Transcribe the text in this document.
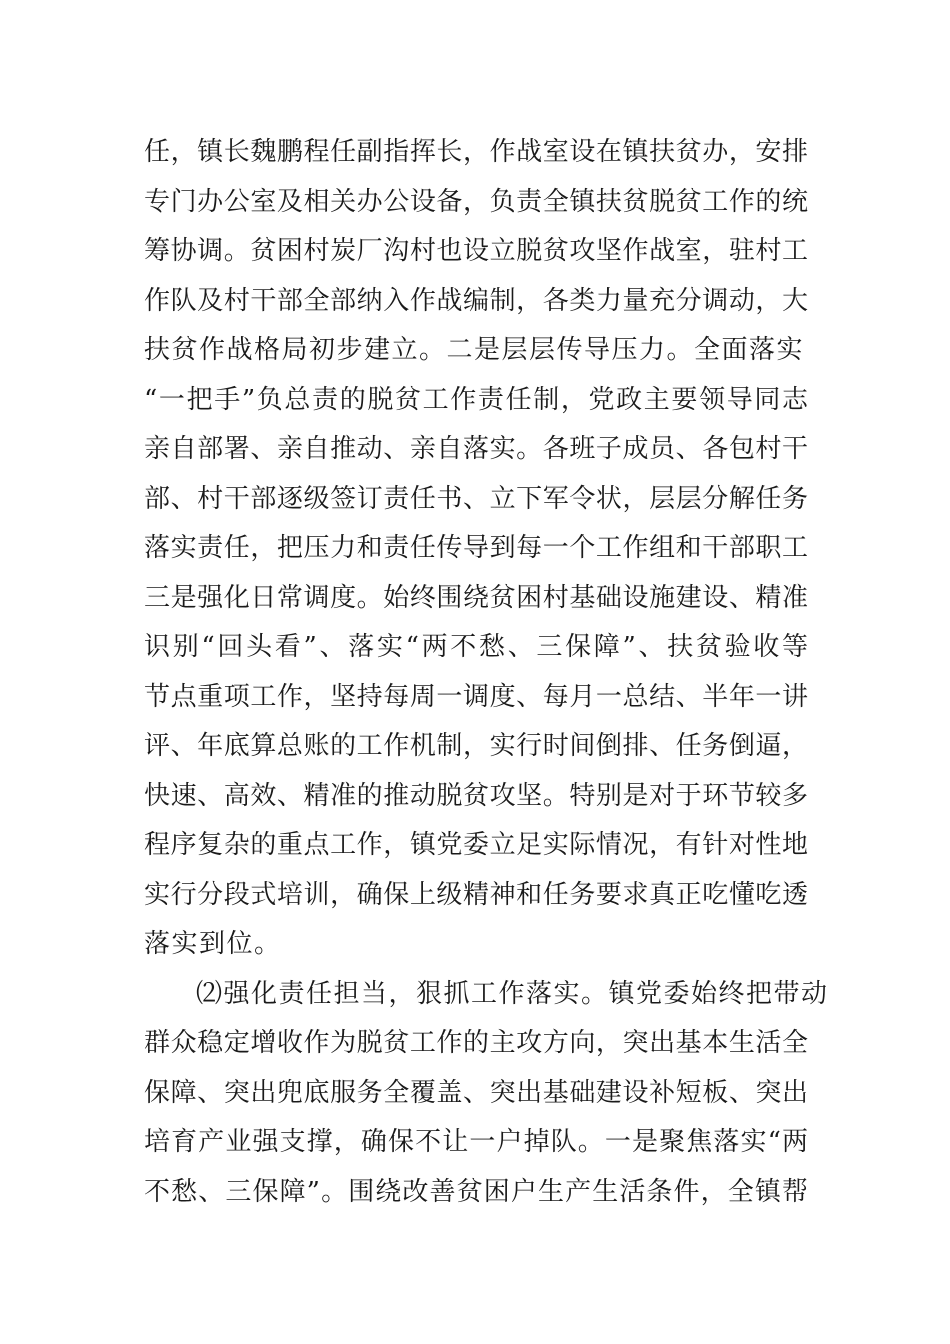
任，镇长魏鹏程任副指挥长，作战室设在镇扶贫办，安排
专门办公室及相关办公设备，负责全镇扶贫脱贫工作的统
筹协调。贫困村炭厂沟村也设立脱贫攻坚作战室，驻村工
作队及村干部全部纳入作战编制，各类力量充分调动，大
扶贫作战格局初步建立。二是层层传导压力。全面落实
“一把手”负总责的脱贫工作责任制，党政主要领导同志
亲自部署、亲自推动、亲自落实。各班子成员、各包村干
部、村干部逐级签订责任书、立下军令状，层层分解任务
落实责任，把压力和责任传导到每一个工作组和干部职工
三是强化日常调度。始终围绕贫困村基础设施建设、精准
识别“回头看”、落实“两不愁、三保障”、扶贫验收等
节点重项工作，坚持每周一调度、每月一总结、半年一讲
评、年底算总账的工作机制，实行时间倒排、任务倒逼，
快速、高效、精准的推动脱贫攻坚。特别是对于环节较多
程序复杂的重点工作，镇党委立足实际情况，有针对性地
实行分段式培训，确保上级精神和任务要求真正吃懂吃透
落实到位。
⑵强化责任担当，狠抓工作落实。镇党委始终把带动
群众稳定增收作为脱贫工作的主攻方向，突出基本生活全
保障、突出兜底服务全覆盖、突出基础建设补短板、突出
培育产业强支撑，确保不让一户掉队。一是聚焦落实“两
不愁、三保障”。围绕改善贫困户生产生活条件，全镇帮
